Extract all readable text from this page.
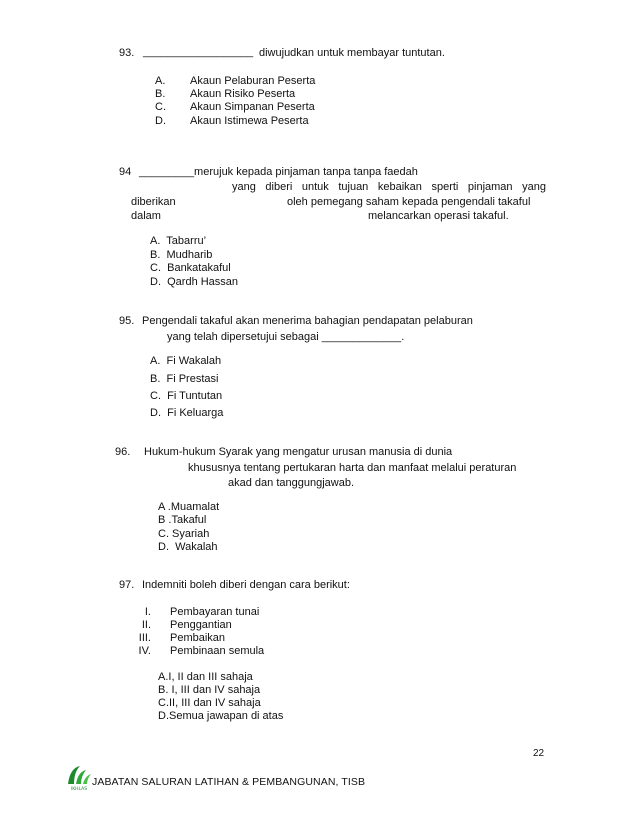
93. __________________ diwujudkan untuk membayar tuntutan.
A. Akaun Pelaburan Peserta
B. Akaun Risiko Peserta
C. Akaun Simpanan Peserta
D. Akaun Istimewa Peserta
94 _________merujuk kepada pinjaman tanpa tanpa faedah
yang diberi untuk tujuan kebaikan sperti pinjaman yang
diberikan	oleh pemegang saham kepada pengendali takaful
dalam	melancarkan operasi takaful.
A.  Tabarru’
B.  Mudharib
C.  Bankatakaful
D.  Qardh Hassan
95. Pengendali takaful akan menerima bahagian pendapatan pelaburan
yang telah dipersetujui sebagai _____________.
A.  Fi Wakalah
B.  Fi Prestasi
C.  Fi Tuntutan
D.  Fi Keluarga
96. Hukum-hukum Syarak yang mengatur urusan manusia di dunia
khususnya tentang pertukaran harta dan manfaat melalui peraturan
akad dan tanggungjawab.
A .Muamalat
B .Takaful
C. Syariah
D.  Wakalah
97. Indemniti boleh diberi dengan cara berikut:
I. Pembayaran tunai
II. Penggantian
III. Pembaikan
IV. Pembinaan semula
A.I, II dan III sahaja
B. I, III dan IV sahaja
C.II, III dan IV sahaja
D.Semua jawapan di atas
22
IKHLAS
JABATAN SALURAN LATIHAN & PEMBANGUNAN, TISB
